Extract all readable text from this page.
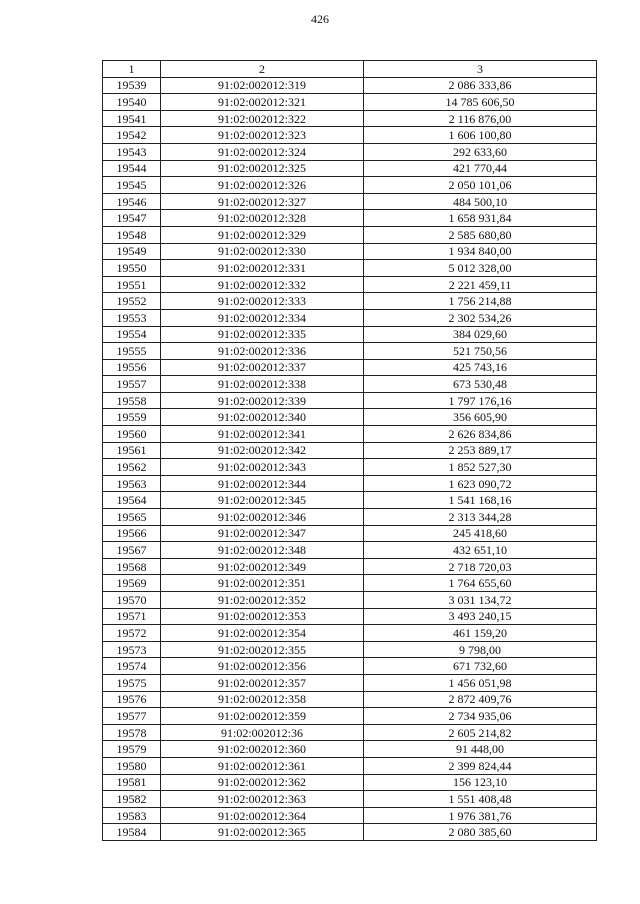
426
1	2	3
19539	91:02:002012:319	2 086 333,86
19540	91:02:002012:321	14 785 606,50
19541	91:02:002012:322	2 116 876,00
19542	91:02:002012:323	1 606 100,80
19543	91:02:002012:324	292 633,60
19544	91:02:002012:325	421 770,44
19545	91:02:002012:326	2 050 101,06
19546	91:02:002012:327	484 500,10
19547	91:02:002012:328	1 658 931,84
19548	91:02:002012:329	2 585 680,80
19549	91:02:002012:330	1 934 840,00
19550	91:02:002012:331	5 012 328,00
19551	91:02:002012:332	2 221 459,11
19552	91:02:002012:333	1 756 214,88
19553	91:02:002012:334	2 302 534,26
19554	91:02:002012:335	384 029,60
19555	91:02:002012:336	521 750,56
19556	91:02:002012:337	425 743,16
19557	91:02:002012:338	673 530,48
19558	91:02:002012:339	1 797 176,16
19559	91:02:002012:340	356 605,90
19560	91:02:002012:341	2 626 834,86
19561	91:02:002012:342	2 253 889,17
19562	91:02:002012:343	1 852 527,30
19563	91:02:002012:344	1 623 090,72
19564	91:02:002012:345	1 541 168,16
19565	91:02:002012:346	2 313 344,28
19566	91:02:002012:347	245 418,60
19567	91:02:002012:348	432 651,10
19568	91:02:002012:349	2 718 720,03
19569	91:02:002012:351	1 764 655,60
19570	91:02:002012:352	3 031 134,72
19571	91:02:002012:353	3 493 240,15
19572	91:02:002012:354	461 159,20
19573	91:02:002012:355	9 798,00
19574	91:02:002012:356	671 732,60
19575	91:02:002012:357	1 456 051,98
19576	91:02:002012:358	2 872 409,76
19577	91:02:002012:359	2 734 935,06
19578	91:02:002012:36	2 605 214,82
19579	91:02:002012:360	91 448,00
19580	91:02:002012:361	2 399 824,44
19581	91:02:002012:362	156 123,10
19582	91:02:002012:363	1 551 408,48
19583	91:02:002012:364	1 976 381,76
19584	91:02:002012:365	2 080 385,60
